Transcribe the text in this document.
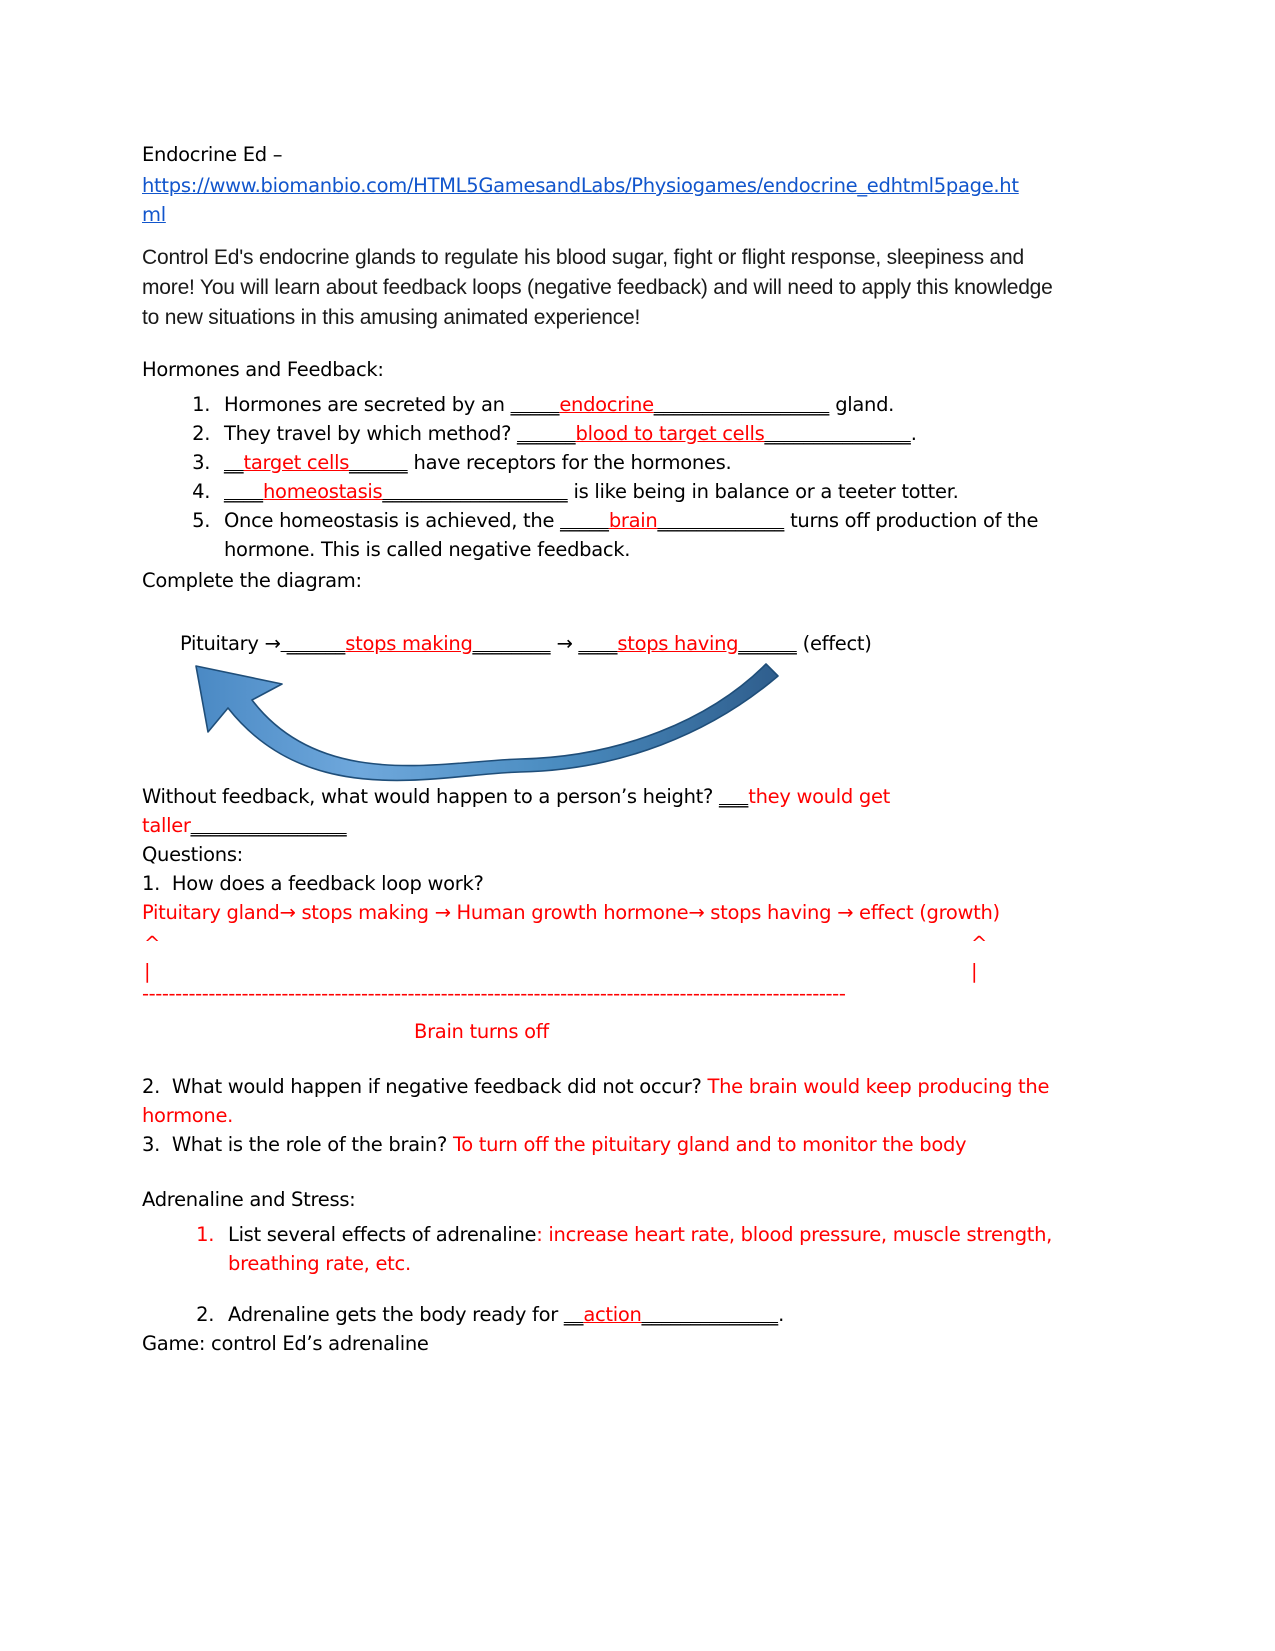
Endocrine Ed –
https://www.biomanbio.com/HTML5GamesandLabs/Physiogames/endocrine_edhtml5page.ht
ml
Control Ed's endocrine glands to regulate his blood sugar, fight or flight response, sleepiness and more! You will learn about feedback loops (negative feedback) and will need to apply this knowledge to new situations in this amusing animated experience!
Hormones and Feedback:
1. Hormones are secreted by an _____endocrine__________________ gland.
2. They travel by which method? ______blood to target cells_______________.
3. __target cells______ have receptors for the hormones.
4. ____homeostasis___________________ is like being in balance or a teeter totter.
5. Once homeostasis is achieved, the _____brain_____________ turns off production of the hormone. This is called negative feedback.
Complete the diagram:
Pituitary → ______stops making________ → ____stops having______ (effect)
Without feedback, what would happen to a person’s height? ___they would get taller________________
Questions:
1. How does a feedback loop work?
Pituitary gland→ stops making → Human growth hormone→ stops having → effect (growth)
^	^
|	|
----------------------------------------------------------------------------------------------------------
Brain turns off
2. What would happen if negative feedback did not occur? The brain would keep producing the hormone.
3. What is the role of the brain? To turn off the pituitary gland and to monitor the body
Adrenaline and Stress:
1. List several effects of adrenaline: increase heart rate, blood pressure, muscle strength, breathing rate, etc.
2. Adrenaline gets the body ready for __action______________.
Game: control Ed’s adrenaline
